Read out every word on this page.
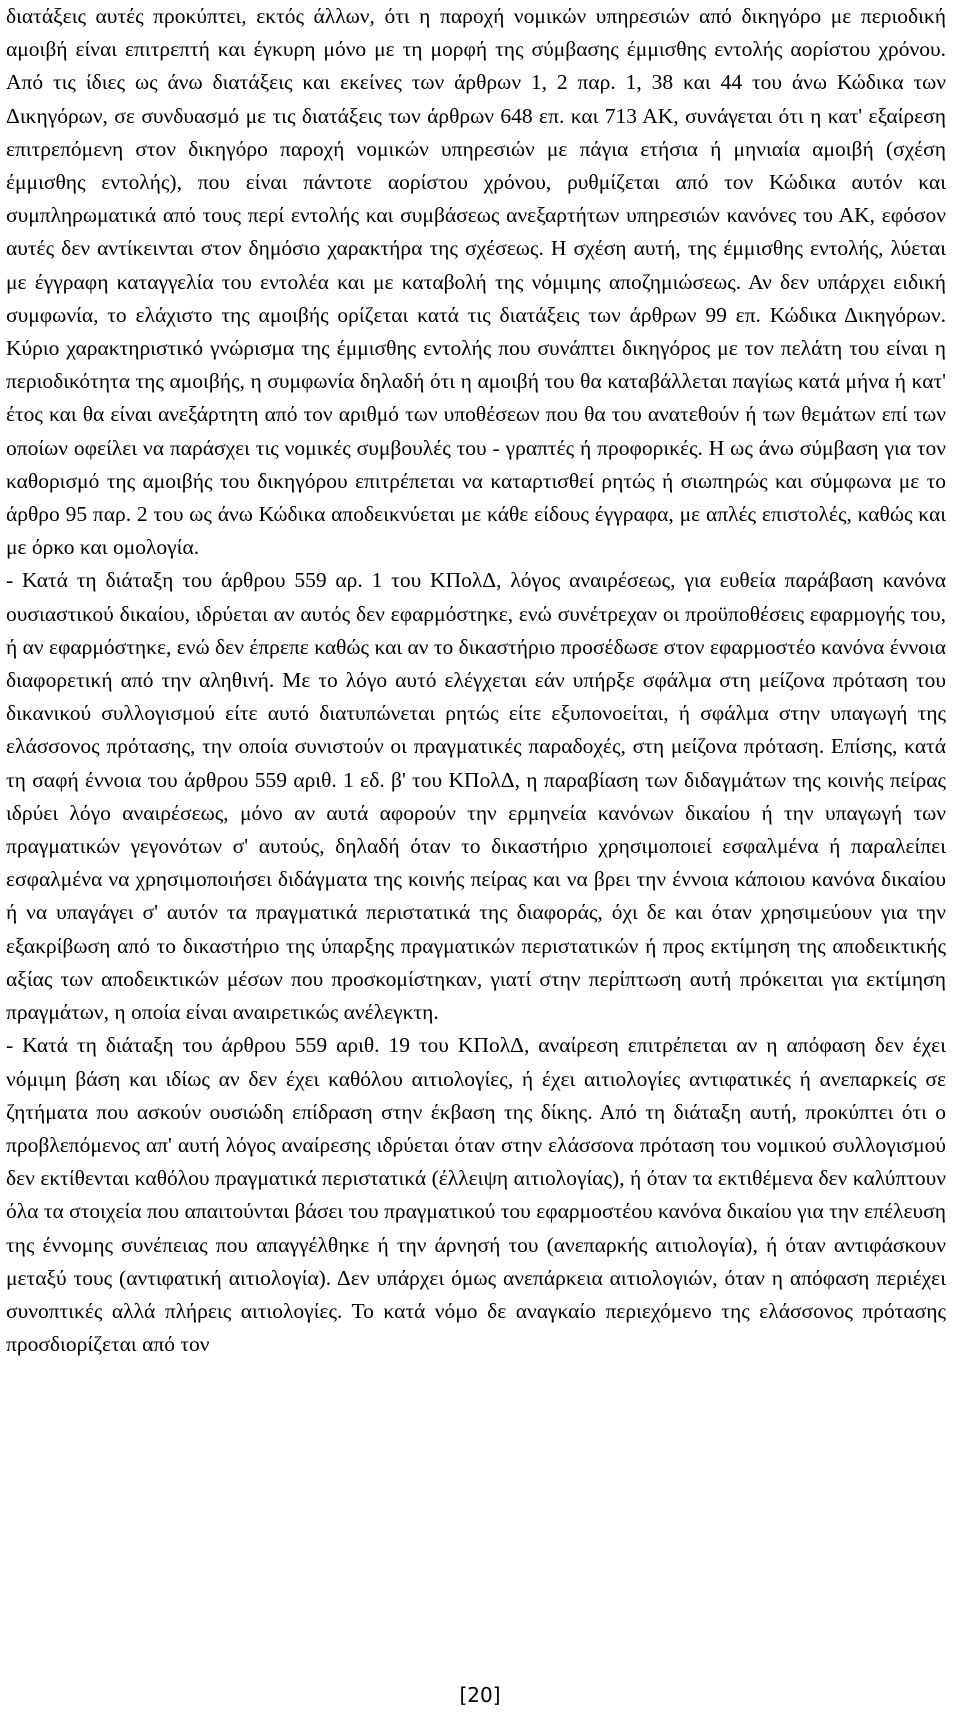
διατάξεις αυτές προκύπτει, εκτός άλλων, ότι η παροχή νομικών υπηρεσιών από δικηγόρο με περιοδική αμοιβή είναι επιτρεπτή και έγκυρη μόνο με τη μορφή της σύμβασης έμμισθης εντολής αορίστου χρόνου. Από τις ίδιες ως άνω διατάξεις και εκείνες των άρθρων 1, 2 παρ. 1, 38 και 44 του άνω Κώδικα των Δικηγόρων, σε συνδυασμό με τις διατάξεις των άρθρων 648 επ. και 713 ΑΚ, συνάγεται ότι η κατ' εξαίρεση επιτρεπόμενη στον δικηγόρο παροχή νομικών υπηρεσιών με πάγια ετήσια ή μηνιαία αμοιβή (σχέση έμμισθης εντολής), που είναι πάντοτε αορίστου χρόνου, ρυθμίζεται από τον Κώδικα αυτόν και συμπληρωματικά από τους περί εντολής και συμβάσεως ανεξαρτήτων υπηρεσιών κανόνες του ΑΚ, εφόσον αυτές δεν αντίκεινται στον δημόσιο χαρακτήρα της σχέσεως. Η σχέση αυτή, της έμμισθης εντολής, λύεται με έγγραφη καταγγελία του εντολέα και με καταβολή της νόμιμης αποζημιώσεως. Αν δεν υπάρχει ειδική συμφωνία, το ελάχιστο της αμοιβής ορίζεται κατά τις διατάξεις των άρθρων 99 επ. Κώδικα Δικηγόρων. Κύριο χαρακτηριστικό γνώρισμα της έμμισθης εντολής που συνάπτει δικηγόρος με τον πελάτη του είναι η περιοδικότητα της αμοιβής, η συμφωνία δηλαδή ότι η αμοιβή του θα καταβάλλεται παγίως κατά μήνα ή κατ' έτος και θα είναι ανεξάρτητη από τον αριθμό των υποθέσεων που θα του ανατεθούν ή των θεμάτων επί των οποίων οφείλει να παράσχει τις νομικές συμβουλές του - γραπτές ή προφορικές. Η ως άνω σύμβαση για τον καθορισμό της αμοιβής του δικηγόρου επιτρέπεται να καταρτισθεί ρητώς ή σιωπηρώς και σύμφωνα με το άρθρο 95 παρ. 2 του ως άνω Κώδικα αποδεικνύεται με κάθε είδους έγγραφα, με απλές επιστολές, καθώς και με όρκο και ομολογία.

- Κατά τη διάταξη του άρθρου 559 αρ. 1 του ΚΠολΔ, λόγος αναιρέσεως, για ευθεία παράβαση κανόνα ουσιαστικού δικαίου, ιδρύεται αν αυτός δεν εφαρμόστηκε, ενώ συνέτρεχαν οι προϋποθέσεις εφαρμογής του, ή αν εφαρμόστηκε, ενώ δεν έπρεπε καθώς και αν το δικαστήριο προσέδωσε στον εφαρμοστέο κανόνα έννοια διαφορετική από την αληθινή. Με το λόγο αυτό ελέγχεται εάν υπήρξε σφάλμα στη μείζονα πρόταση του δικανικού συλλογισμού είτε αυτό διατυπώνεται ρητώς είτε εξυπονοείται, ή σφάλμα στην υπαγωγή της ελάσσονος πρότασης, την οποία συνιστούν οι πραγματικές παραδοχές, στη μείζονα πρόταση. Επίσης, κατά τη σαφή έννοια του άρθρου 559 αριθ. 1 εδ. β' του ΚΠολΔ, η παραβίαση των διδαγμάτων της κοινής πείρας ιδρύει λόγο αναιρέσεως, μόνο αν αυτά αφορούν την ερμηνεία κανόνων δικαίου ή την υπαγωγή των πραγματικών γεγονότων σ' αυτούς, δηλαδή όταν το δικαστήριο χρησιμοποιεί εσφαλμένα ή παραλείπει εσφαλμένα να χρησιμοποιήσει διδάγματα της κοινής πείρας και να βρει την έννοια κάποιου κανόνα δικαίου ή να υπαγάγει σ' αυτόν τα πραγματικά περιστατικά της διαφοράς, όχι δε και όταν χρησιμεύουν για την εξακρίβωση από το δικαστήριο της ύπαρξης πραγματικών περιστατικών ή προς εκτίμηση της αποδεικτικής αξίας των αποδεικτικών μέσων που προσκομίστηκαν, γιατί στην περίπτωση αυτή πρόκειται για εκτίμηση πραγμάτων, η οποία είναι αναιρετικώς ανέλεγκτη.

- Κατά τη διάταξη του άρθρου 559 αριθ. 19 του ΚΠολΔ, αναίρεση επιτρέπεται αν η απόφαση δεν έχει νόμιμη βάση και ιδίως αν δεν έχει καθόλου αιτιολογίες, ή έχει αιτιολογίες αντιφατικές ή ανεπαρκείς σε ζητήματα που ασκούν ουσιώδη επίδραση στην έκβαση της δίκης. Από τη διάταξη αυτή, προκύπτει ότι ο προβλεπόμενος απ' αυτή λόγος αναίρεσης ιδρύεται όταν στην ελάσσονα πρόταση του νομικού συλλογισμού δεν εκτίθενται καθόλου πραγματικά περιστατικά (έλλειψη αιτιολογίας), ή όταν τα εκτιθέμενα δεν καλύπτουν όλα τα στοιχεία που απαιτούνται βάσει του πραγματικού του εφαρμοστέου κανόνα δικαίου για την επέλευση της έννομης συνέπειας που απαγγέλθηκε ή την άρνησή του (ανεπαρκής αιτιολογία), ή όταν αντιφάσκουν μεταξύ τους (αντιφατική αιτιολογία). Δεν υπάρχει όμως ανεπάρκεια αιτιολογιών, όταν η απόφαση περιέχει συνοπτικές αλλά πλήρεις αιτιολογίες. Το κατά νόμο δε αναγκαίο περιεχόμενο της ελάσσονος πρότασης προσδιορίζεται από τον

[20]
